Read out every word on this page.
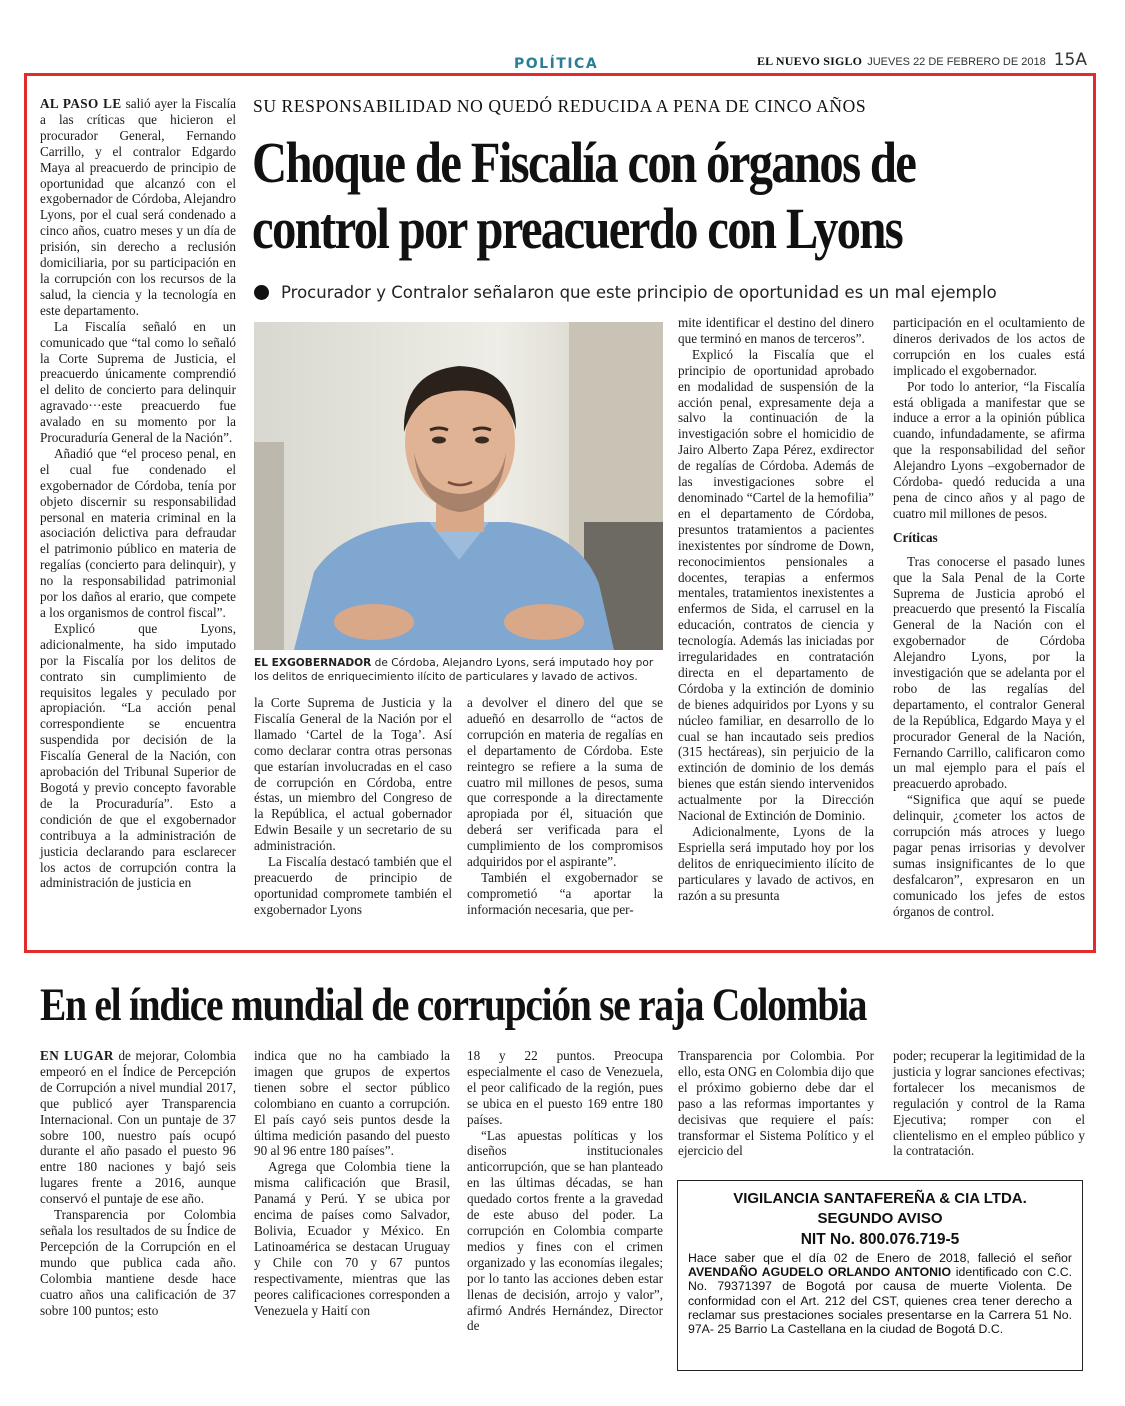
POLÍTICA	EL NUEVO SIGLO JUEVES 22 DE FEBRERO DE 2018 15A
SU RESPONSABILIDAD NO QUEDÓ REDUCIDA A PENA DE CINCO AÑOS
Choque de Fiscalía con órganos de
control por preacuerdo con Lyons
Procurador y Contralor señalaron que este principio de oportunidad es un mal ejemplo
EL EXGOBERNADOR de Córdoba, Alejandro Lyons, será imputado hoy por los delitos de enriquecimiento ilícito de particulares y lavado de activos.

AL PASO LE salió ayer la Fiscalía a las críticas que hicieron el procurador General, Fernando Carrillo, y el contralor Edgardo Maya al preacuerdo de principio de oportunidad que alcanzó con el exgobernador de Córdoba, Alejandro Lyons, por el cual será condenado a cinco años, cuatro meses y un día de prisión, sin derecho a reclusión domiciliaria, por su participación en la corrupción con los recursos de la salud, la ciencia y la tecnología en este departamento.

La Fiscalía señaló en un comunicado que “tal como lo señaló la Corte Suprema de Justicia, el preacuerdo únicamente comprendió el delito de concierto para delinquir agravado···este preacuerdo fue avalado en su momento por la Procuraduría General de la Nación”.

Añadió que “el proceso penal, en el cual fue condenado el exgobernador de Córdoba, tenía por objeto discernir su responsabilidad personal en materia criminal en la asociación delictiva para defraudar el patrimonio público en materia de regalías (concierto para delinquir), y no la responsabilidad patrimonial por los daños al erario, que compete a los organismos de control fiscal”.

Explicó que Lyons, adicionalmente, ha sido imputado por la Fiscalía por los delitos de contrato sin cumplimiento de requisitos legales y peculado por apropiación. “La acción penal correspondiente se encuentra suspendida por decisión de la Fiscalía General de la Nación, con aprobación del Tribunal Superior de Bogotá y previo concepto favorable de la Procuraduría”. Esto a condición de que el exgobernador contribuya a la administración de justicia declarando para esclarecer los actos de corrupción contra la administración de justicia en

la Corte Suprema de Justicia y la Fiscalía General de la Nación por el llamado ‘Cartel de la Toga’. Así como declarar contra otras personas que estarían involucradas en el caso de corrupción en Córdoba, entre éstas, un miembro del Congreso de la República, el actual gobernador Edwin Besaile y un secretario de su administración.

La Fiscalía destacó también que el preacuerdo de principio de oportunidad compromete también el exgobernador Lyons

a devolver el dinero del que se adueñó en desarrollo de “actos de corrupción en materia de regalías en el departamento de Córdoba. Este reintegro se refiere a la suma de cuatro mil millones de pesos, suma que corresponde a la directamente apropiada por él, situación que deberá ser verificada para el cumplimiento de los compromisos adquiridos por el aspirante”.

También el exgobernador se comprometió “a aportar la información necesaria, que per-

mite identificar el destino del dinero que terminó en manos de terceros”.

Explicó la Fiscalía que el principio de oportunidad aprobado en modalidad de suspensión de la acción penal, expresamente deja a salvo la continuación de la investigación sobre el homicidio de Jairo Alberto Zapa Pérez, exdirector de regalías de Córdoba. Además de las investigaciones sobre el denominado “Cartel de la hemofilia” en el departamento de Córdoba, presuntos tratamientos a pacientes inexistentes por síndrome de Down, reconocimientos pensionales a docentes, terapias a enfermos mentales, tratamientos inexistentes a enfermos de Sida, el carrusel en la educación, contratos de ciencia y tecnología. Además las iniciadas por irregularidades en contratación directa en el departamento de Córdoba y la extinción de dominio de bienes adquiridos por Lyons y su núcleo familiar, en desarrollo de lo cual se han incautado seis predios (315 hectáreas), sin perjuicio de la extinción de dominio de los demás bienes que están siendo intervenidos actualmente por la Dirección Nacional de Extinción de Dominio.

Adicionalmente, Lyons de la Espriella será imputado hoy por los delitos de enriquecimiento ilícito de particulares y lavado de activos, en razón a su presunta

participación en el ocultamiento de dineros derivados de los actos de corrupción en los cuales está implicado el exgobernador.

Por todo lo anterior, “la Fiscalía está obligada a manifestar que se induce a error a la opinión pública cuando, infundadamente, se afirma que la responsabilidad del señor Alejandro Lyons –exgobernador de Córdoba- quedó reducida a una pena de cinco años y al pago de cuatro mil millones de pesos.

Críticas

Tras conocerse el pasado lunes que la Sala Penal de la Corte Suprema de Justicia aprobó el preacuerdo que presentó la Fiscalía General de la Nación con el exgobernador de Córdoba Alejandro Lyons, por la investigación que se adelanta por el robo de las regalías del departamento, el contralor General de la República, Edgardo Maya y el procurador General de la Nación, Fernando Carrillo, calificaron como un mal ejemplo para el país el preacuerdo aprobado.

“Significa que aquí se puede delinquir, ¿cometer los actos de corrupción más atroces y luego pagar penas irrisorias y devolver sumas insignificantes de lo que desfalcaron”, expresaron en un comunicado los jefes de estos órganos de control.

En el índice mundial de corrupción se raja Colombia

EN LUGAR de mejorar, Colombia empeoró en el Índice de Percepción de Corrupción a nivel mundial 2017, que publicó ayer Transparencia Internacional. Con un puntaje de 37 sobre 100, nuestro país ocupó durante el año pasado el puesto 96 entre 180 naciones y bajó seis lugares frente a 2016, aunque conservó el puntaje de ese año.

Transparencia por Colombia señala los resultados de su Índice de Percepción de la Corrupción en el mundo que publica cada año. Colombia mantiene desde hace cuatro años una calificación de 37 sobre 100 puntos; esto

indica que no ha cambiado la imagen que grupos de expertos tienen sobre el sector público colombiano en cuanto a corrupción. El país cayó seis puntos desde la última medición pasando del puesto 90 al 96 entre 180 países”.

Agrega que Colombia tiene la misma calificación que Brasil, Panamá y Perú. Y se ubica por encima de países como Salvador, Bolivia, Ecuador y México. En Latinoamérica se destacan Uruguay y Chile con 70 y 67 puntos respectivamente, mientras que las peores calificaciones corresponden a Venezuela y Haití con

18 y 22 puntos. Preocupa especialmente el caso de Venezuela, el peor calificado de la región, pues se ubica en el puesto 169 entre 180 países.

“Las apuestas políticas y los diseños institucionales anticorrupción, que se han planteado en las últimas décadas, se han quedado cortos frente a la gravedad de este abuso del poder. La corrupción en Colombia comparte medios y fines con el crimen organizado y las economías ilegales; por lo tanto las acciones deben estar llenas de decisión, arrojo y valor”, afirmó Andrés Hernández, Director de

Transparencia por Colombia. Por ello, esta ONG en Colombia dijo que el próximo gobierno debe dar el paso a las reformas importantes y decisivas que requiere el país: transformar el Sistema Político y el ejercicio del

poder; recuperar la legitimidad de la justicia y lograr sanciones efectivas; fortalecer los mecanismos de regulación y control de la Rama Ejecutiva; romper con el clientelismo en el empleo público y la contratación.

VIGILANCIA SANTAFEREÑA & CIA LTDA.
SEGUNDO AVISO
NIT No. 800.076.719-5
Hace saber que el día 02 de Enero de 2018, falleció el señor AVENDAÑO AGUDELO ORLANDO ANTONIO identificado con C.C. No. 79371397 de Bogotá por causa de muerte Violenta. De conformidad con el Art. 212 del CST, quienes crea tener derecho a reclamar sus prestaciones sociales presentarse en la Carrera 51 No. 97A- 25 Barrio La Castellana en la ciudad de Bogotá D.C.
